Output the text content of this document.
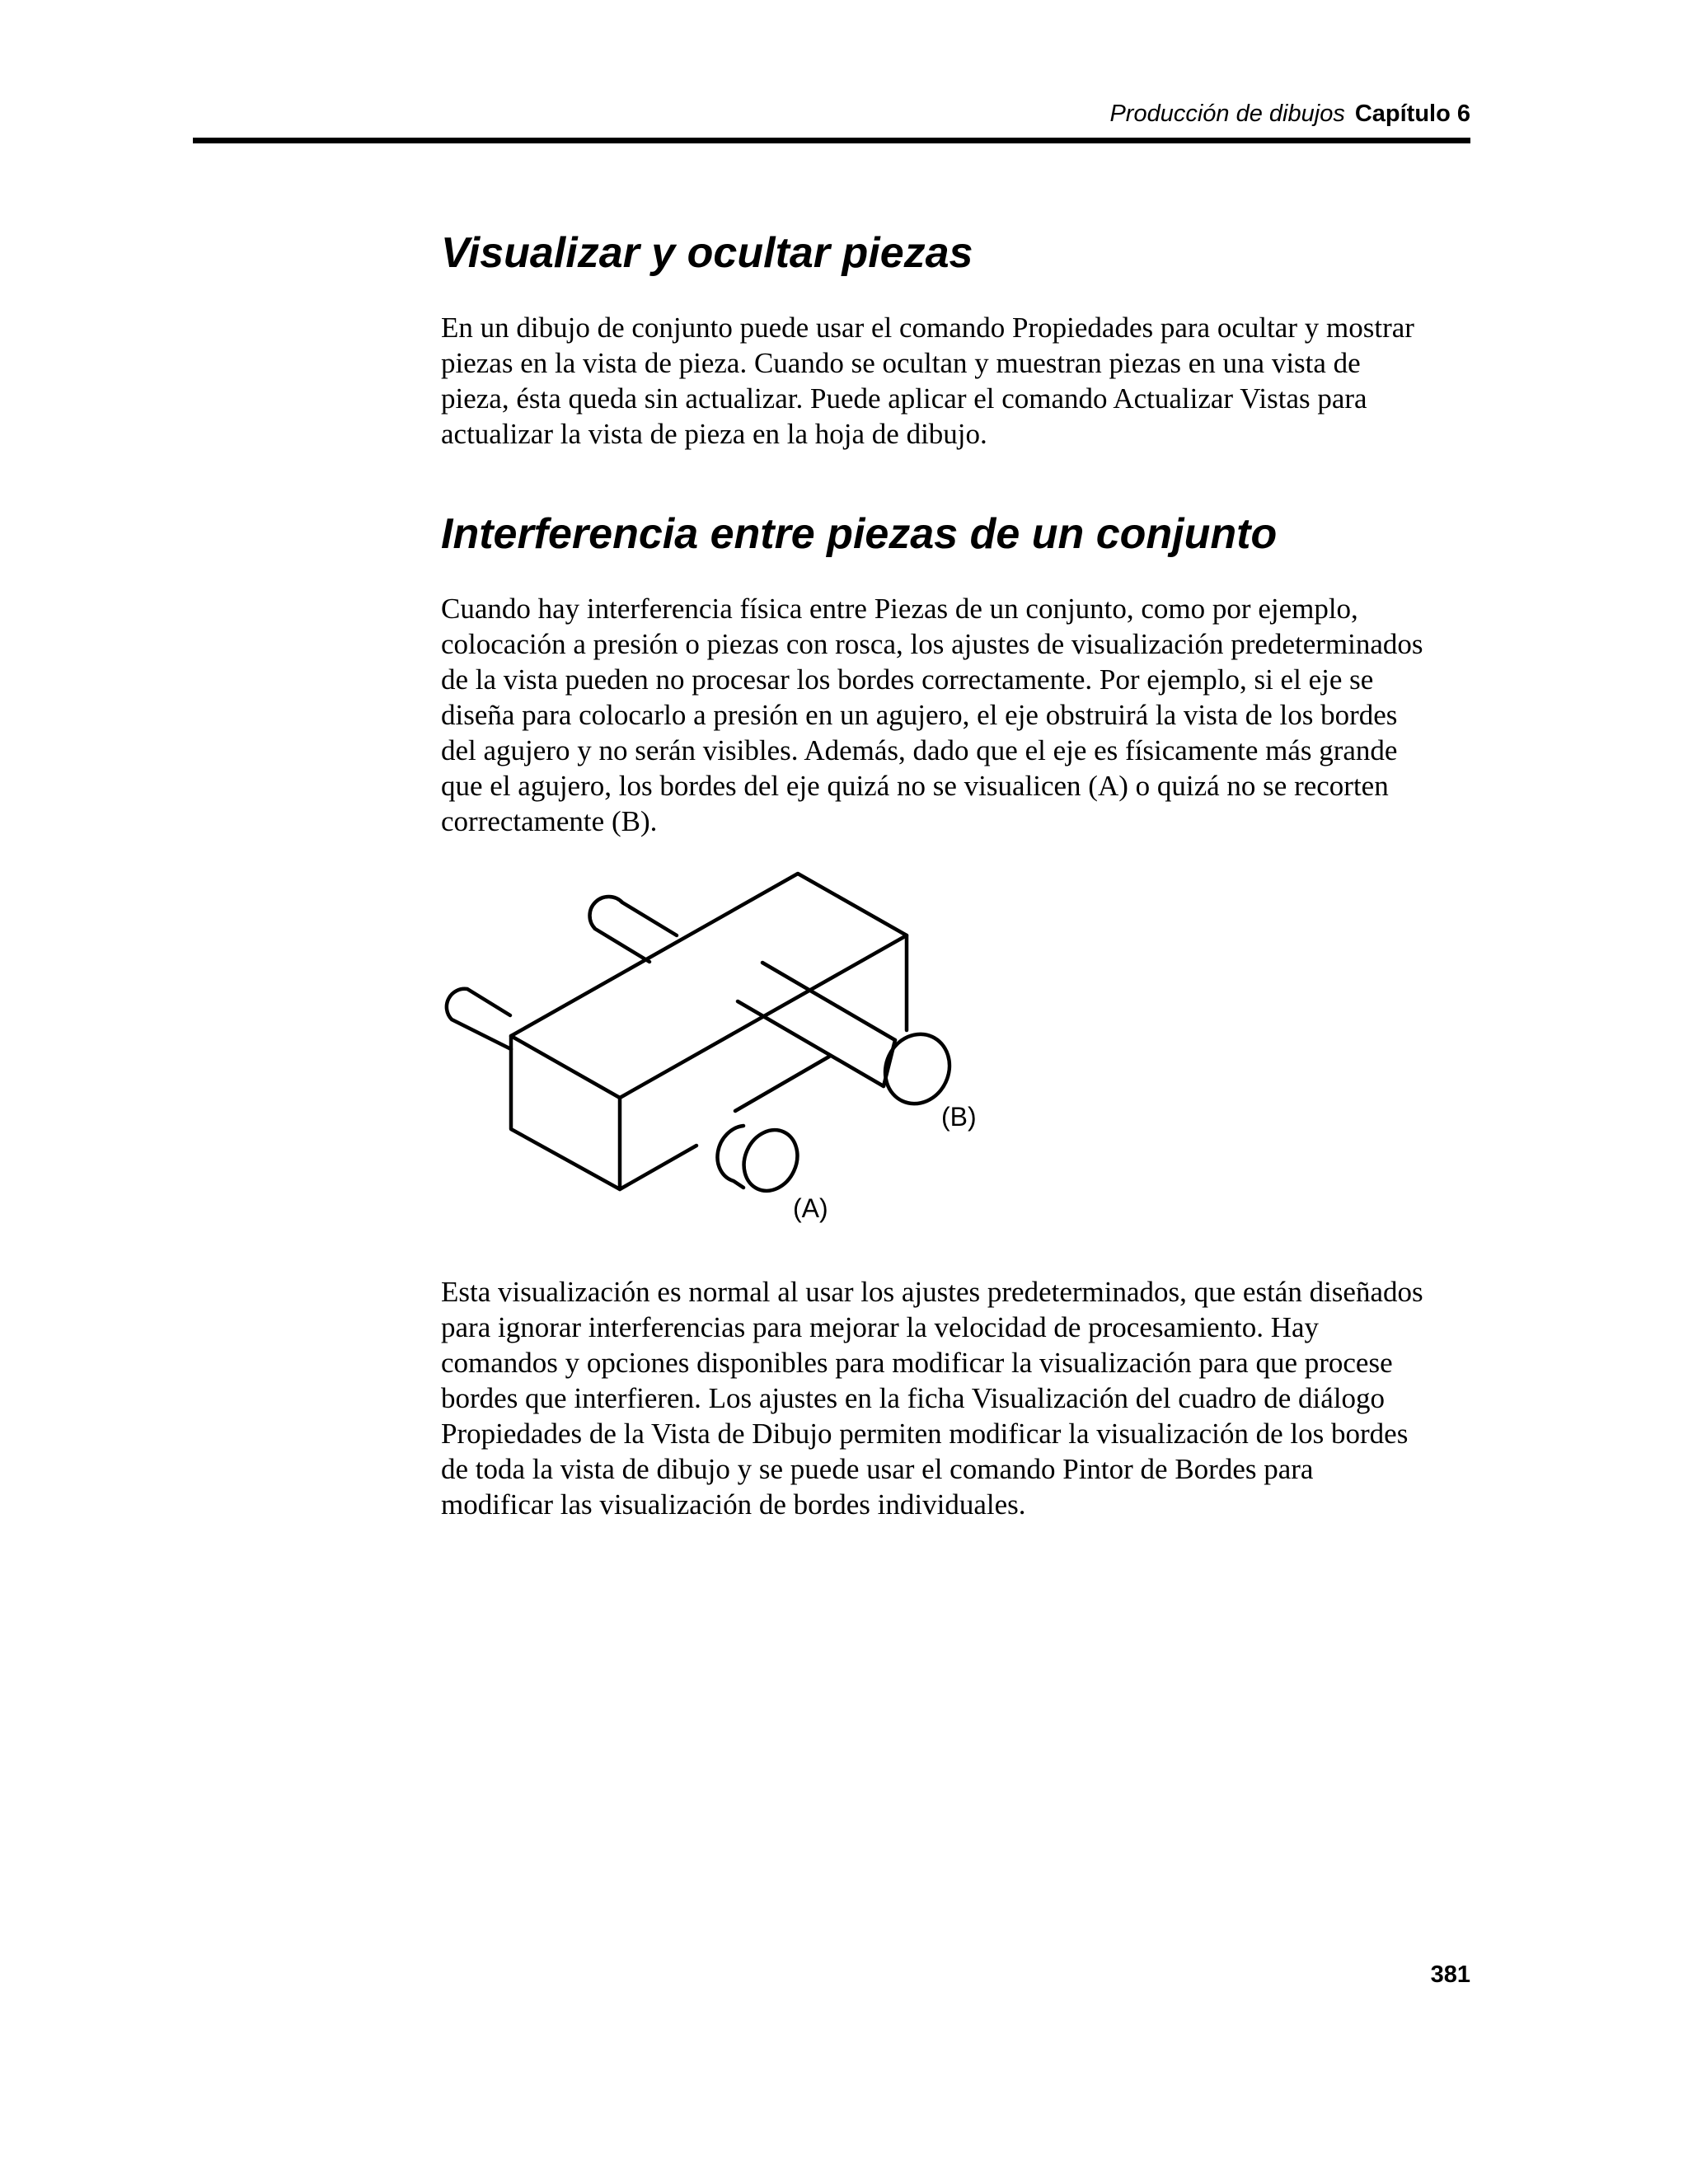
Producción de dibujos Capítulo 6
Visualizar y ocultar piezas

En un dibujo de conjunto puede usar el comando Propiedades para ocultar y mostrar
piezas en la vista de pieza. Cuando se ocultan y muestran piezas en una vista de
pieza, ésta queda sin actualizar. Puede aplicar el comando Actualizar Vistas para
actualizar la vista de pieza en la hoja de dibujo.

Interferencia entre piezas de un conjunto

Cuando hay interferencia física entre Piezas de un conjunto, como por ejemplo,
colocación a presión o piezas con rosca, los ajustes de visualización predeterminados
de la vista pueden no procesar los bordes correctamente. Por ejemplo, si el eje se
diseña para colocarlo a presión en un agujero, el eje obstruirá la vista de los bordes
del agujero y no serán visibles. Además, dado que el eje es físicamente más grande
que el agujero, los bordes del eje quizá no se visualicen (A) o quizá no se recorten
correctamente (B).

(B)
(A)

Esta visualización es normal al usar los ajustes predeterminados, que están diseñados
para ignorar interferencias para mejorar la velocidad de procesamiento. Hay
comandos y opciones disponibles para modificar la visualización para que procese
bordes que interfieren. Los ajustes en la ficha Visualización del cuadro de diálogo
Propiedades de la Vista de Dibujo permiten modificar la visualización de los bordes
de toda la vista de dibujo y se puede usar el comando Pintor de Bordes para
modificar las visualización de bordes individuales.

381
